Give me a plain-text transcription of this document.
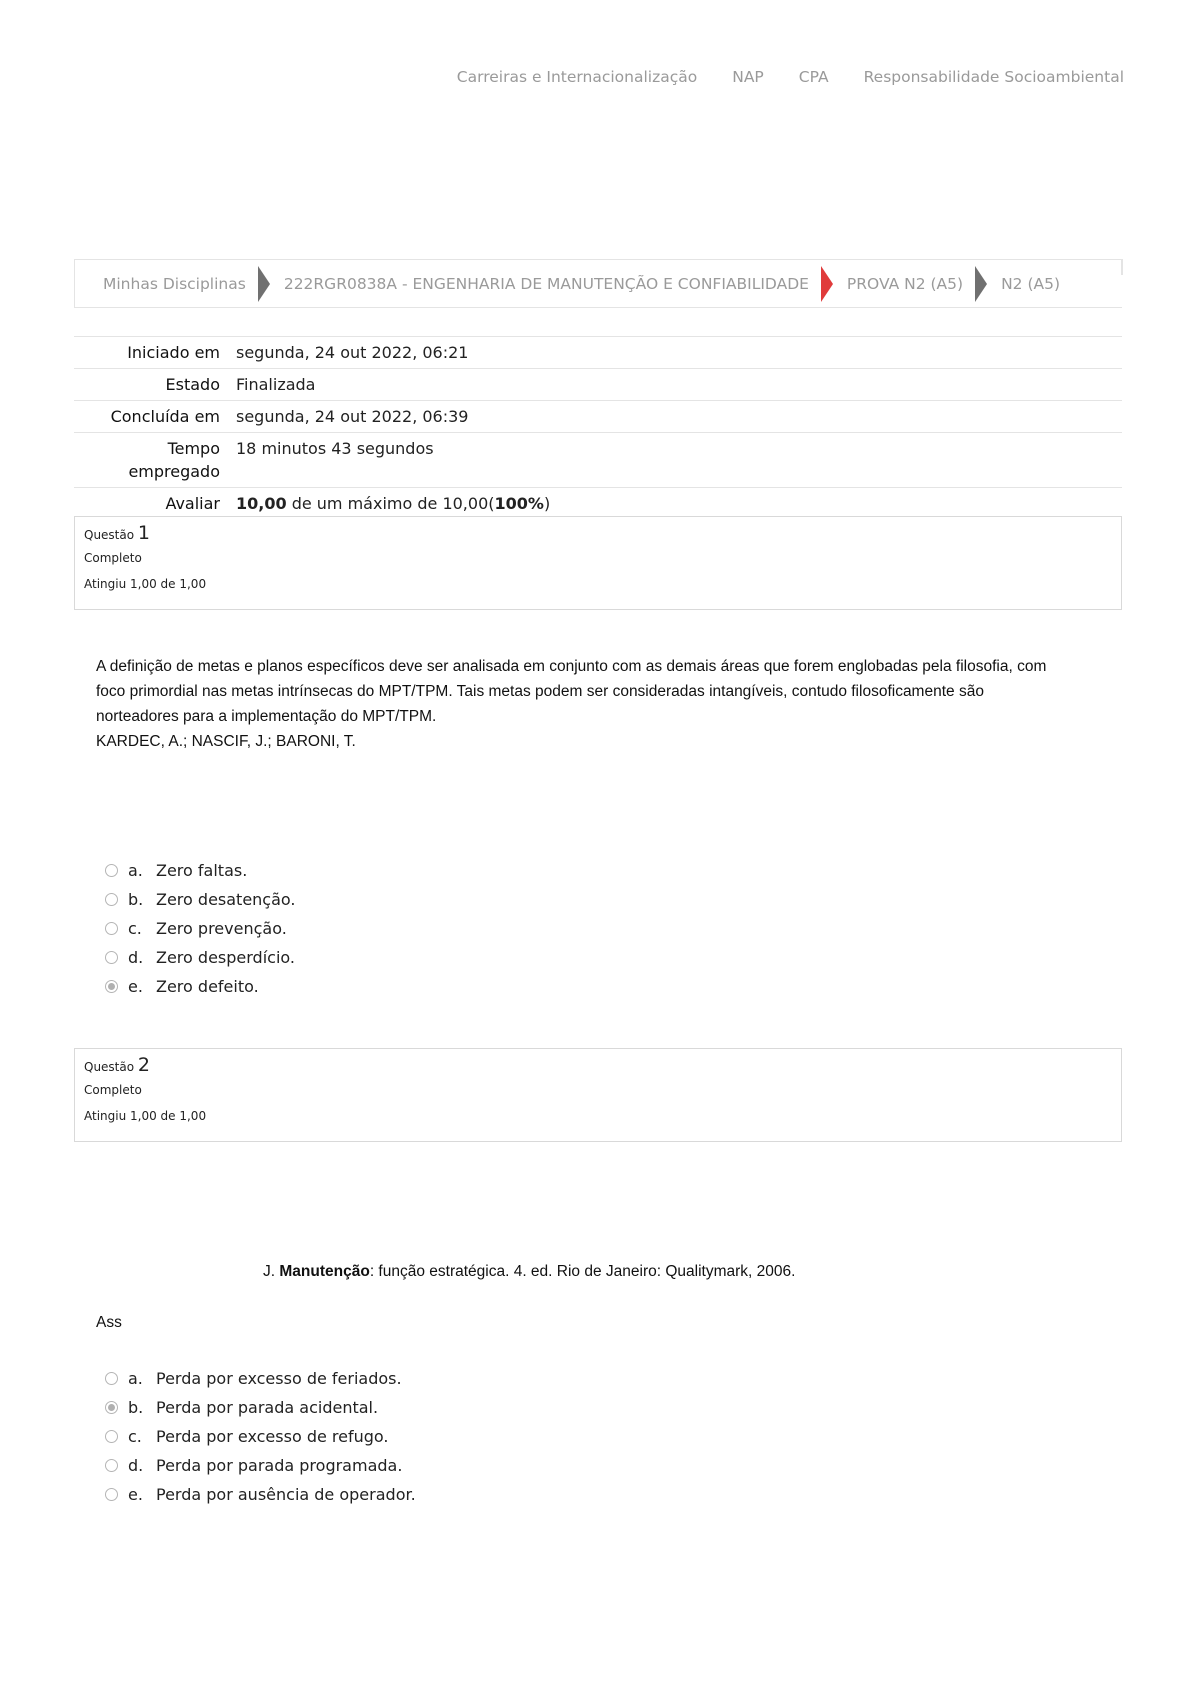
Carreiras e Internacionalização NAP CPA Responsabilidade Socioambiental
Minhas Disciplinas 222RGR0838A - ENGENHARIA DE MANUTENÇÃO E CONFIABILIDADE PROVA N2 (A5) N2 (A5)
Iniciado em	segunda, 24 out 2022, 06:21
Estado	Finalizada
Concluída em	segunda, 24 out 2022, 06:39
Tempo empregado	18 minutos 43 segundos
Avaliar	10,00 de um máximo de 10,00(100%)
Questão 1
Completo
Atingiu 1,00 de 1,00
A definição de metas e planos específicos deve ser analisada em conjunto com as demais áreas que forem englobadas pela filosofia, com
foco primordial nas metas intrínsecas do MPT/TPM. Tais metas podem ser consideradas intangíveis, contudo filosoficamente são
norteadores para a implementação do MPT/TPM.
KARDEC, A.; NASCIF, J.; BARONI, T.
a. Zero faltas.
b. Zero desatenção.
c. Zero prevenção.
d. Zero desperdício.
e. Zero defeito.
Questão 2
Completo
Atingiu 1,00 de 1,00
J. Manutenção: função estratégica. 4. ed. Rio de Janeiro: Qualitymark, 2006.
Ass
a. Perda por excesso de feriados.
b. Perda por parada acidental.
c. Perda por excesso de refugo.
d. Perda por parada programada.
e. Perda por ausência de operador.
